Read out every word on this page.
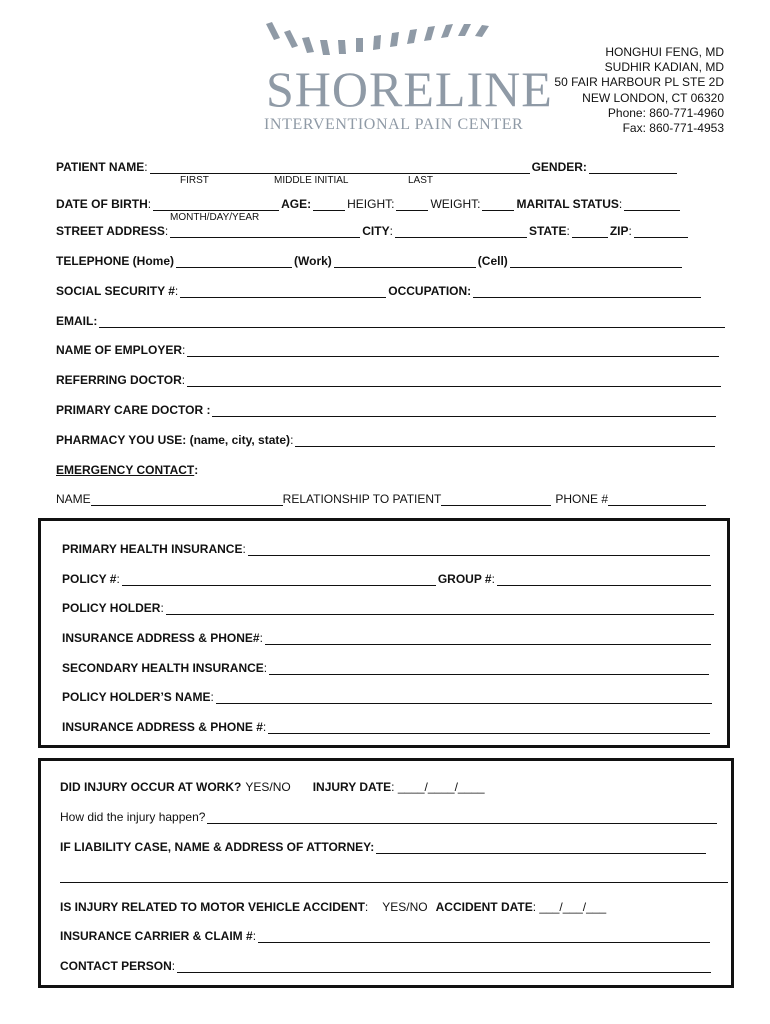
SHORELINE
INTERVENTIONAL PAIN CENTER
HONGHUI FENG, MD
SUDHIR KADIAN, MD
50 FAIR HARBOUR PL STE 2D
NEW LONDON, CT 06320
Phone: 860-771-4960
Fax: 860-771-4953
PATIENT NAME :	GENDER:
FIRST	MIDDLE INITIAL	LAST
DATE OF BIRTH :	AGE:	HEIGHT:	WEIGHT:	MARITAL STATUS :
MONTH/DAY/YEAR
STREET ADDRESS :	CITY :	STATE :	ZIP :
TELEPHONE (Home)	(Work)	(Cell)
SOCIAL SECURITY # :	OCCUPATION:
EMAIL:
NAME OF EMPLOYER :
REFERRING DOCTOR :
PRIMARY CARE DOCTOR :
PHARMACY YOU USE: (name, city, state) :
EMERGENCY CONTACT :
NAME	RELATIONSHIP TO PATIENT	PHONE #
PRIMARY HEALTH INSURANCE :
POLICY # :	GROUP # :
POLICY HOLDER :
INSURANCE ADDRESS & PHONE# :
SECONDARY HEALTH INSURANCE :
POLICY HOLDER’S NAME :
INSURANCE ADDRESS & PHONE # :
DID INJURY OCCUR AT WORK? YES/NO INJURY DATE : ____/____/____
How did the injury happen?
IF LIABILITY CASE, NAME & ADDRESS OF ATTORNEY:
IS INJURY RELATED TO MOTOR VEHICLE ACCIDENT : YES/NO ACCIDENT DATE : ___/___/___
INSURANCE CARRIER & CLAIM # :
CONTACT PERSON :
